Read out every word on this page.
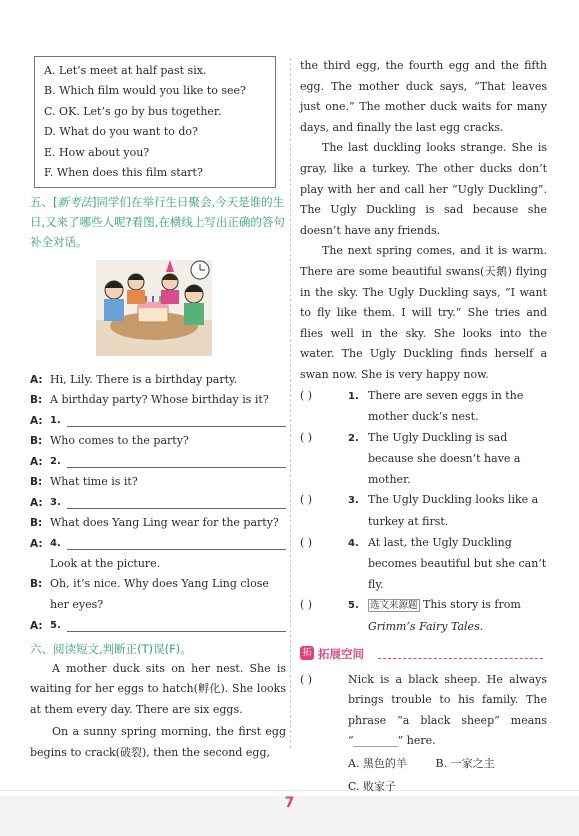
A. Let’s meet at half past six.
B. Which film would you like to see?
C. OK. Let’s go by bus together.
D. What do you want to do?
E. How about you?
F. When does this film start?
五、[新考法]同学们在举行生日聚会,今天是谁的生日,又来了哪些人呢?看图,在横线上写出正确的答句补全对话。
A: Hi, Lily. There is a birthday party.
B: A birthday party? Whose birthday is it?
A: 1.
B: Who comes to the party?
A: 2.
B: What time is it?
A: 3.
B: What does Yang Ling wear for the party?
A: 4.
Look at the picture.
B: Oh, it’s nice. Why does Yang Ling close her eyes?
A: 5.
六、阅读短文,判断正(T)误(F)。
A mother duck sits on her nest. She is waiting for her eggs to hatch(孵化). She looks at them every day. There are six eggs.
On a sunny spring morning, the first egg begins to crack(破裂), then the second egg,
the third egg, the fourth egg and the fifth egg. The mother duck says, “That leaves just one.” The mother duck waits for many days, and finally the last egg cracks.
The last duckling looks strange. She is gray, like a turkey. The other ducks don’t play with her and call her “Ugly Duckling”. The Ugly Duckling is sad because she doesn’t have any friends.
The next spring comes, and it is warm. There are some beautiful swans(天鹅) flying in the sky. The Ugly Duckling says, “I want to fly like them. I will try.” She tries and flies well in the sky. She looks into the water. The Ugly Duckling finds herself a swan now. She is very happy now.
( )	1. There are seven eggs in the mother duck’s nest.
( )	2. The Ugly Duckling is sad because she doesn’t have a mother.
( )	3. The Ugly Duckling looks like a turkey at first.
( )	4. At last, the Ugly Duckling becomes beautiful but she can’t fly.
( )	5. 选文来源题 This story is from Grimm’s Fairy Tales.
拓 拓展空间
( )	Nick is a black sheep. He always brings trouble to his family. The phrase “a black sheep” means “________” here.
A. 黑色的羊	B. 一家之主
C. 败家子
7
